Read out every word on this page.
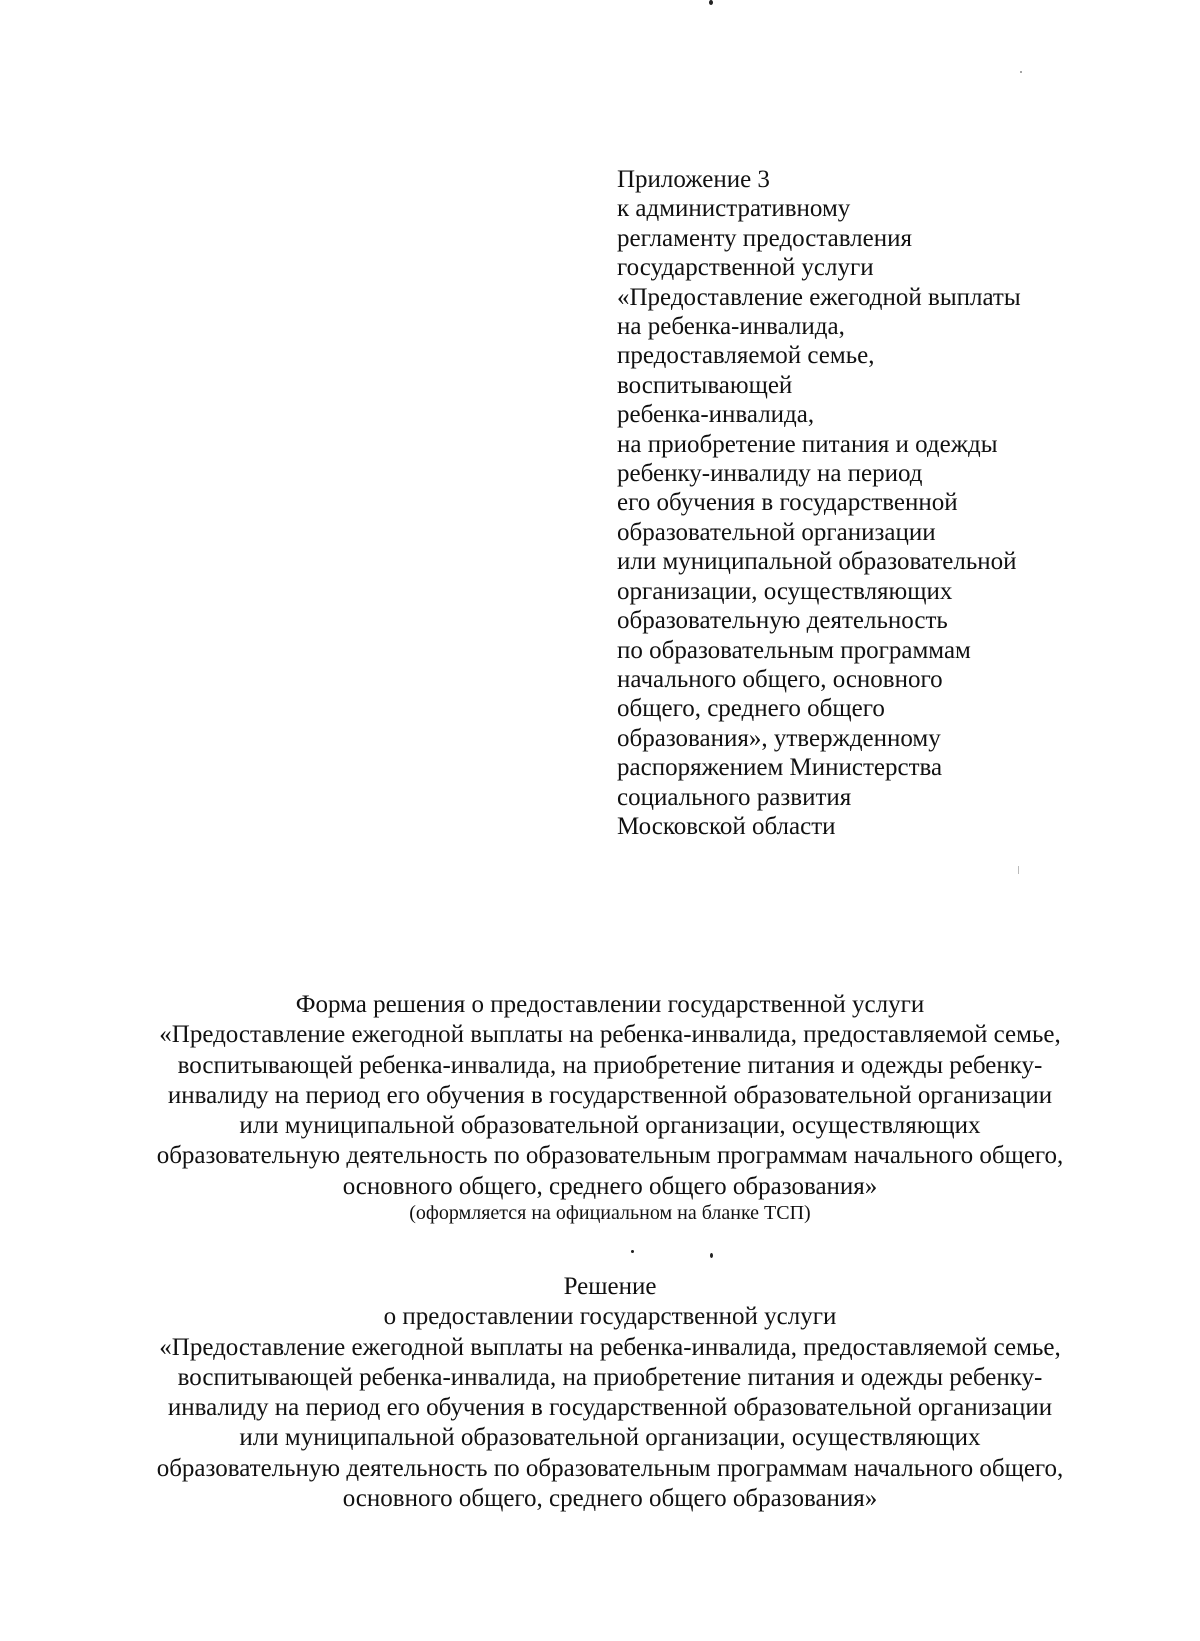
Приложение 3
к административному
регламенту предоставления
государственной услуги
«Предоставление ежегодной выплаты
на ребенка-инвалида,
предоставляемой семье,
воспитывающей
ребенка-инвалида,
на приобретение питания и одежды
ребенку-инвалиду на период
его обучения в государственной
образовательной организации
или муниципальной образовательной
организации, осуществляющих
образовательную деятельность
по образовательным программам
начального общего, основного
общего, среднего общего
образования», утвержденному
распоряжением Министерства
социального развития
Московской области
Форма решения о предоставлении государственной услуги
«Предоставление ежегодной выплаты на ребенка-инвалида, предоставляемой семье,
воспитывающей ребенка-инвалида, на приобретение питания и одежды ребенку-
инвалиду на период его обучения в государственной образовательной организации
или муниципальной образовательной организации, осуществляющих
образовательную деятельность по образовательным программам начального общего,
основного общего, среднего общего образования»
(оформляется на официальном на бланке ТСП)
Решение
о предоставлении государственной услуги
«Предоставление ежегодной выплаты на ребенка-инвалида, предоставляемой семье,
воспитывающей ребенка-инвалида, на приобретение питания и одежды ребенку-
инвалиду на период его обучения в государственной образовательной организации
или муниципальной образовательной организации, осуществляющих
образовательную деятельность по образовательным программам начального общего,
основного общего, среднего общего образования»
